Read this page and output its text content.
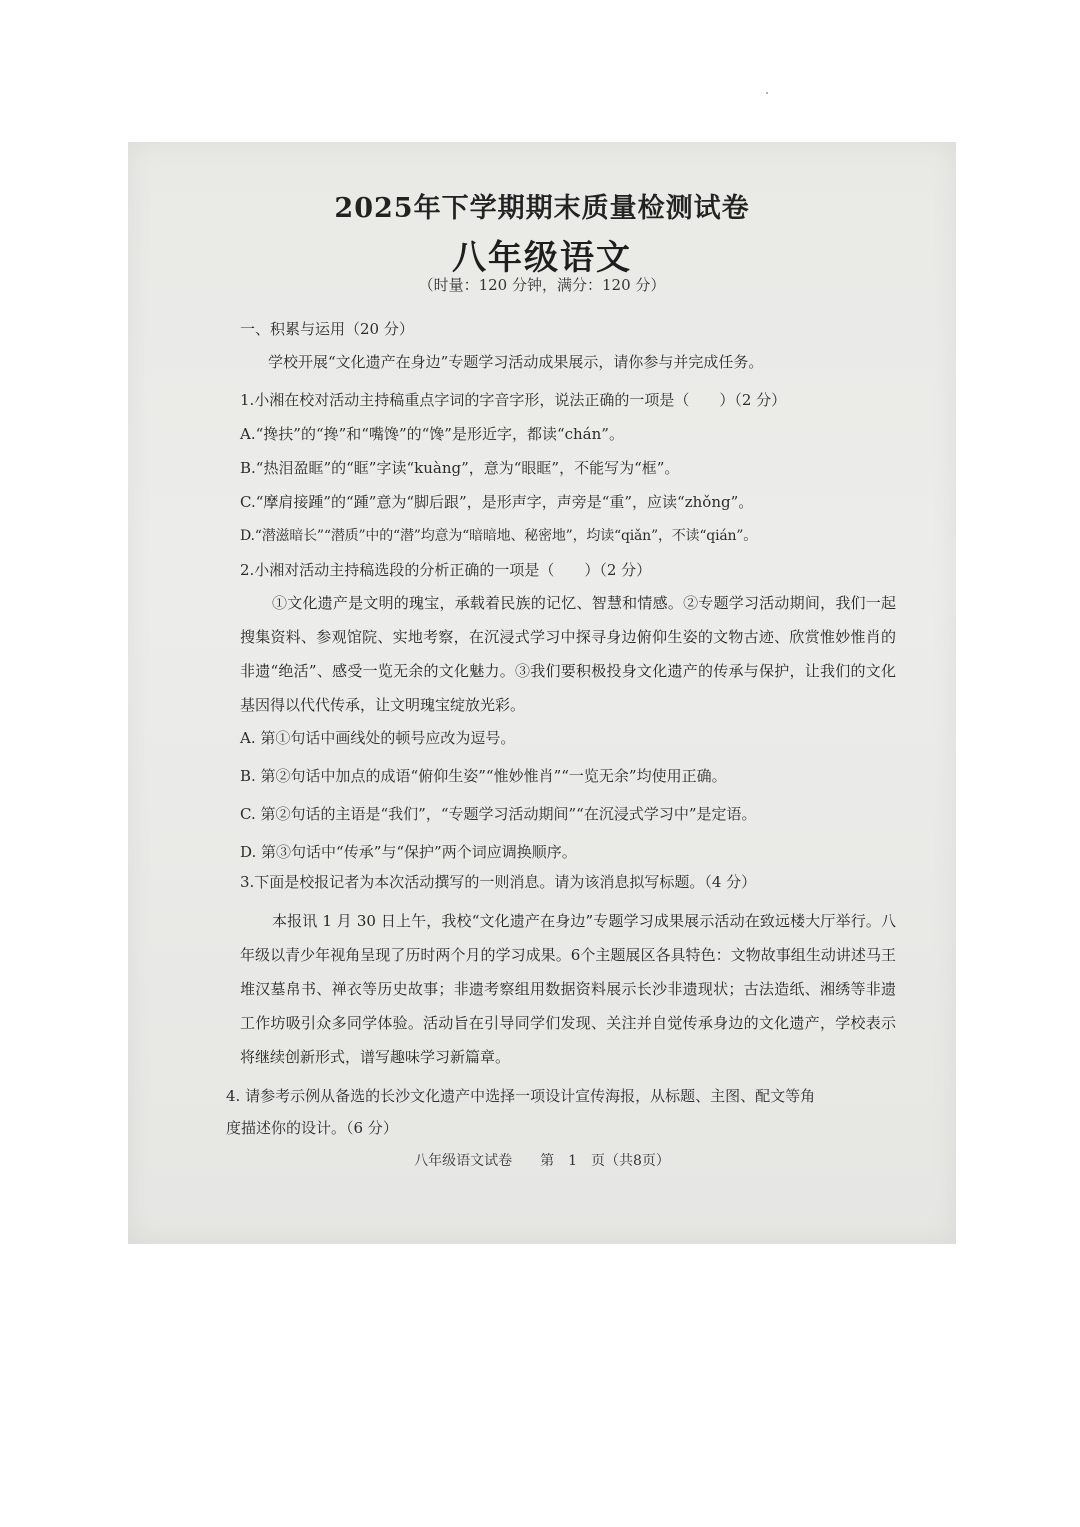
2025年下学期期末质量检测试卷
八年级语文
（时量：120 分钟，满分：120 分）
一、积累与运用（20 分）
学校开展“文化遗产在身边”专题学习活动成果展示，请你参与并完成任务。
1.小湘在校对活动主持稿重点字词的字音字形，说法正确的一项是（　　）（2 分）
A.“搀扶”的“搀”和“嘴馋”的“馋”是形近字，都读“chán”。
B.“热泪盈眶”的“眶”字读“kuàng”，意为“眼眶”，不能写为“框”。
C.“摩肩接踵”的“踵”意为“脚后跟”，是形声字，声旁是“重”，应读“zhǒng”。
D.“潜滋暗长”“潜质”中的“潜”均意为“暗暗地、秘密地”，均读“qiǎn”，不读“qián”。
2.小湘对活动主持稿选段的分析正确的一项是（　　）（2 分）
①文化遗产是文明的瑰宝，承载着民族的记忆、智慧和情感。②专题学习活动期间，我们一起搜集资料、参观馆院、实地考察，在沉浸式学习中探寻身边俯仰生姿的文物古迹、欣赏惟妙惟肖的非遗“绝活”、感受一览无余的文化魅力。③我们要积极投身文化遗产的传承与保护，让我们的文化基因得以代代传承，让文明瑰宝绽放光彩。
A. 第①句话中画线处的顿号应改为逗号。
B. 第②句话中加点的成语“俯仰生姿”“惟妙惟肖”“一览无余”均使用正确。
C. 第②句话的主语是“我们”，“专题学习活动期间”“在沉浸式学习中”是定语。
D. 第③句话中“传承”与“保护”两个词应调换顺序。
3.下面是校报记者为本次活动撰写的一则消息。请为该消息拟写标题。（4 分）
本报讯 1 月 30 日上午，我校“文化遗产在身边”专题学习成果展示活动在致远楼大厅举行。八年级以青少年视角呈现了历时两个月的学习成果。6个主题展区各具特色：文物故事组生动讲述马王堆汉墓帛书、禅衣等历史故事；非遗考察组用数据资料展示长沙非遗现状；古法造纸、湘绣等非遗工作坊吸引众多同学体验。活动旨在引导同学们发现、关注并自觉传承身边的文化遗产，学校表示将继续创新形式，谱写趣味学习新篇章。
4. 请参考示例从备选的长沙文化遗产中选择一项设计宣传海报，从标题、主图、配文等角
度描述你的设计。（6 分）
八年级语文试卷　　第　1　页（共8页）
